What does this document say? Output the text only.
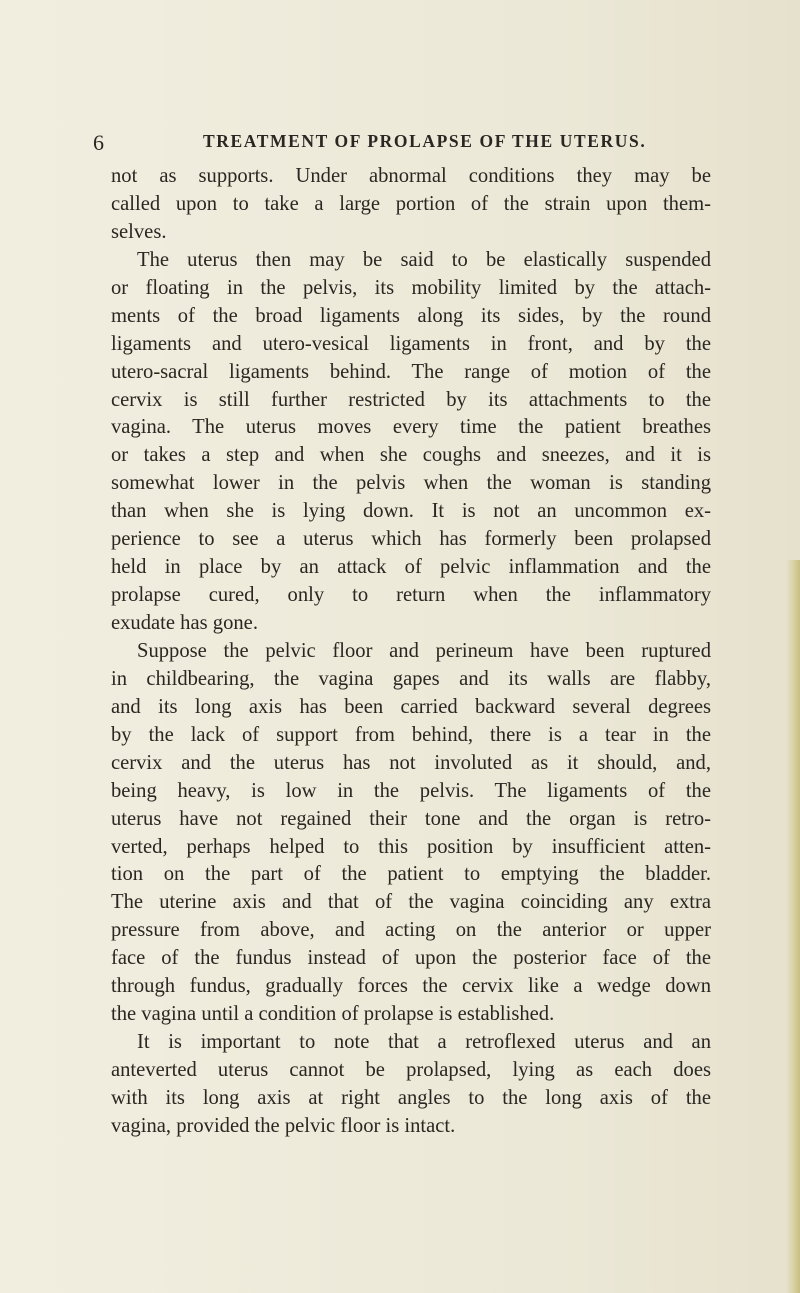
6	TREATMENT OF PROLAPSE OF THE UTERUS.
not as supports. Under abnormal conditions they may be
called upon to take a large portion of the strain upon them-
selves.
The uterus then may be said to be elastically suspended
or floating in the pelvis, its mobility limited by the attach-
ments of the broad ligaments along its sides, by the round
ligaments and utero-vesical ligaments in front, and by the
utero-sacral ligaments behind. The range of motion of the
cervix is still further restricted by its attachments to the
vagina. The uterus moves every time the patient breathes
or takes a step and when she coughs and sneezes, and it is
somewhat lower in the pelvis when the woman is standing
than when she is lying down. It is not an uncommon ex-
perience to see a uterus which has formerly been prolapsed
held in place by an attack of pelvic inflammation and the
prolapse cured, only to return when the inflammatory
exudate has gone.
Suppose the pelvic floor and perineum have been ruptured
in childbearing, the vagina gapes and its walls are flabby,
and its long axis has been carried backward several degrees
by the lack of support from behind, there is a tear in the
cervix and the uterus has not involuted as it should, and,
being heavy, is low in the pelvis. The ligaments of the
uterus have not regained their tone and the organ is retro-
verted, perhaps helped to this position by insufficient atten-
tion on the part of the patient to emptying the bladder.
The uterine axis and that of the vagina coinciding any extra
pressure from above, and acting on the anterior or upper
face of the fundus instead of upon the posterior face of the
through fundus, gradually forces the cervix like a wedge down
the vagina until a condition of prolapse is established.
It is important to note that a retroflexed uterus and an
anteverted uterus cannot be prolapsed, lying as each does
with its long axis at right angles to the long axis of the
vagina, provided the pelvic floor is intact.
